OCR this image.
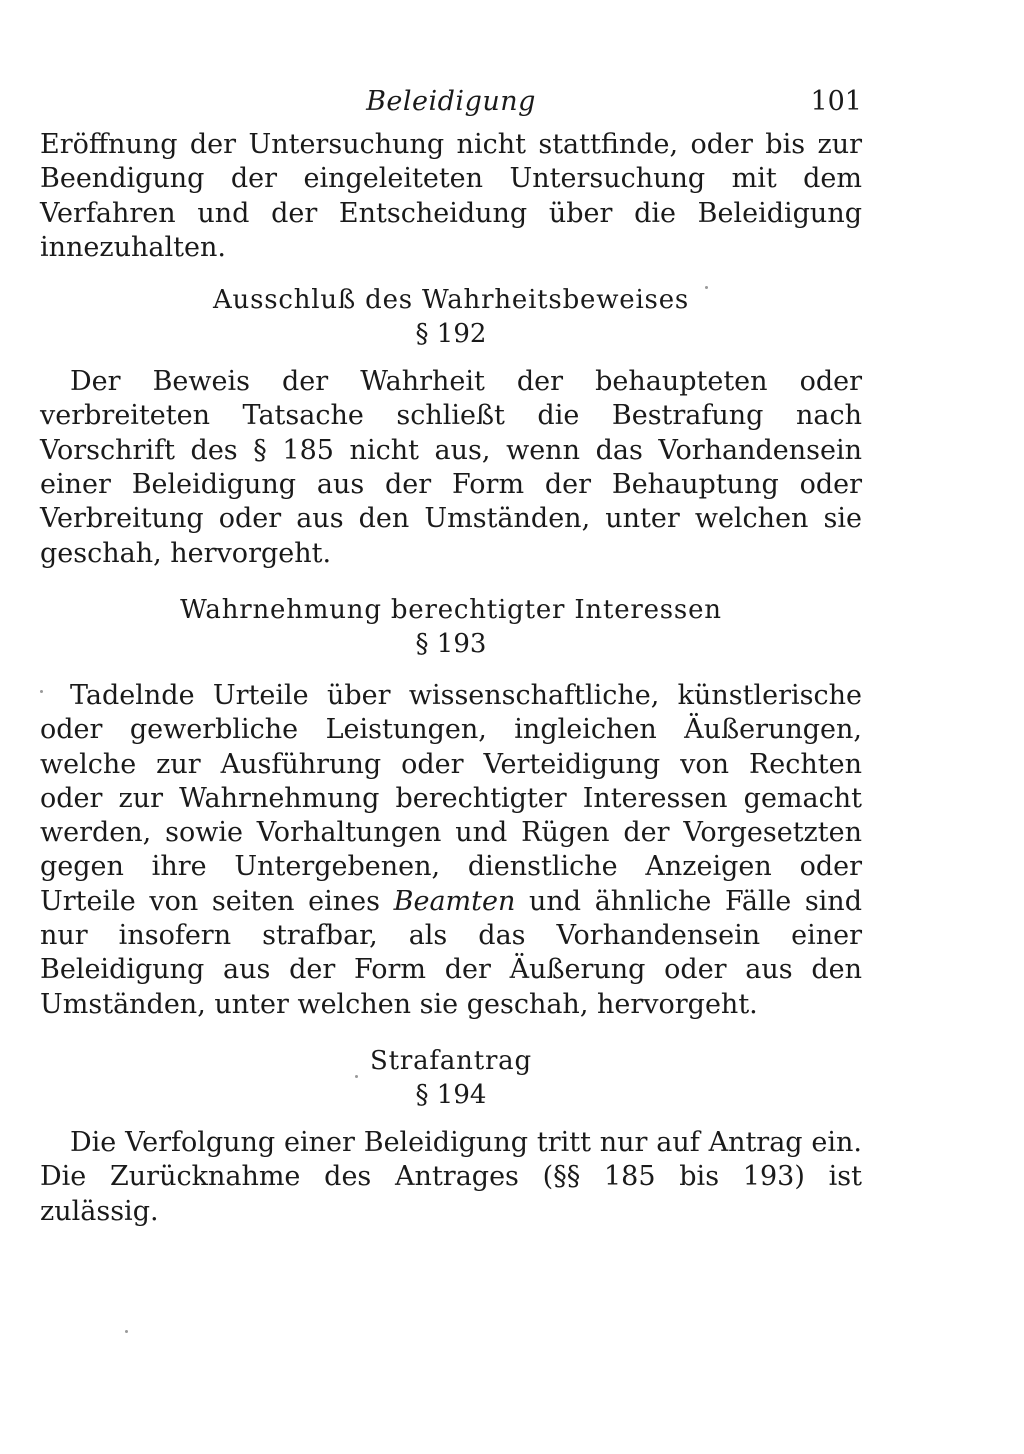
Beleidigung	101

Eröffnung der Untersuchung nicht stattfinde, oder bis zur Beendigung der eingeleiteten Untersuchung mit dem Verfahren und der Entscheidung über die Beleidigung innezuhalten.

Ausschluß des Wahrheitsbeweises

§ 192

Der Beweis der Wahrheit der behaupteten oder verbreiteten Tatsache schließt die Bestrafung nach Vorschrift des § 185 nicht aus, wenn das Vorhandensein einer Beleidigung aus der Form der Behauptung oder Verbreitung oder aus den Umständen, unter welchen sie geschah, hervorgeht.

Wahrnehmung berechtigter Interessen

§ 193

Tadelnde Urteile über wissenschaftliche, künstlerische oder gewerbliche Leistungen, ingleichen Äußerungen, welche zur Ausführung oder Verteidigung von Rechten oder zur Wahrnehmung berechtigter Interessen gemacht werden, sowie Vorhaltungen und Rügen der Vorgesetzten gegen ihre Untergebenen, dienstliche Anzeigen oder Urteile von seiten eines Beamten und ähnliche Fälle sind nur insofern strafbar, als das Vorhandensein einer Beleidigung aus der Form der Äußerung oder aus den Umständen, unter welchen sie geschah, hervorgeht.

Strafantrag

§ 194

Die Verfolgung einer Beleidigung tritt nur auf Antrag ein. Die Zurücknahme des Antrages (§§ 185 bis 193) ist zulässig.
